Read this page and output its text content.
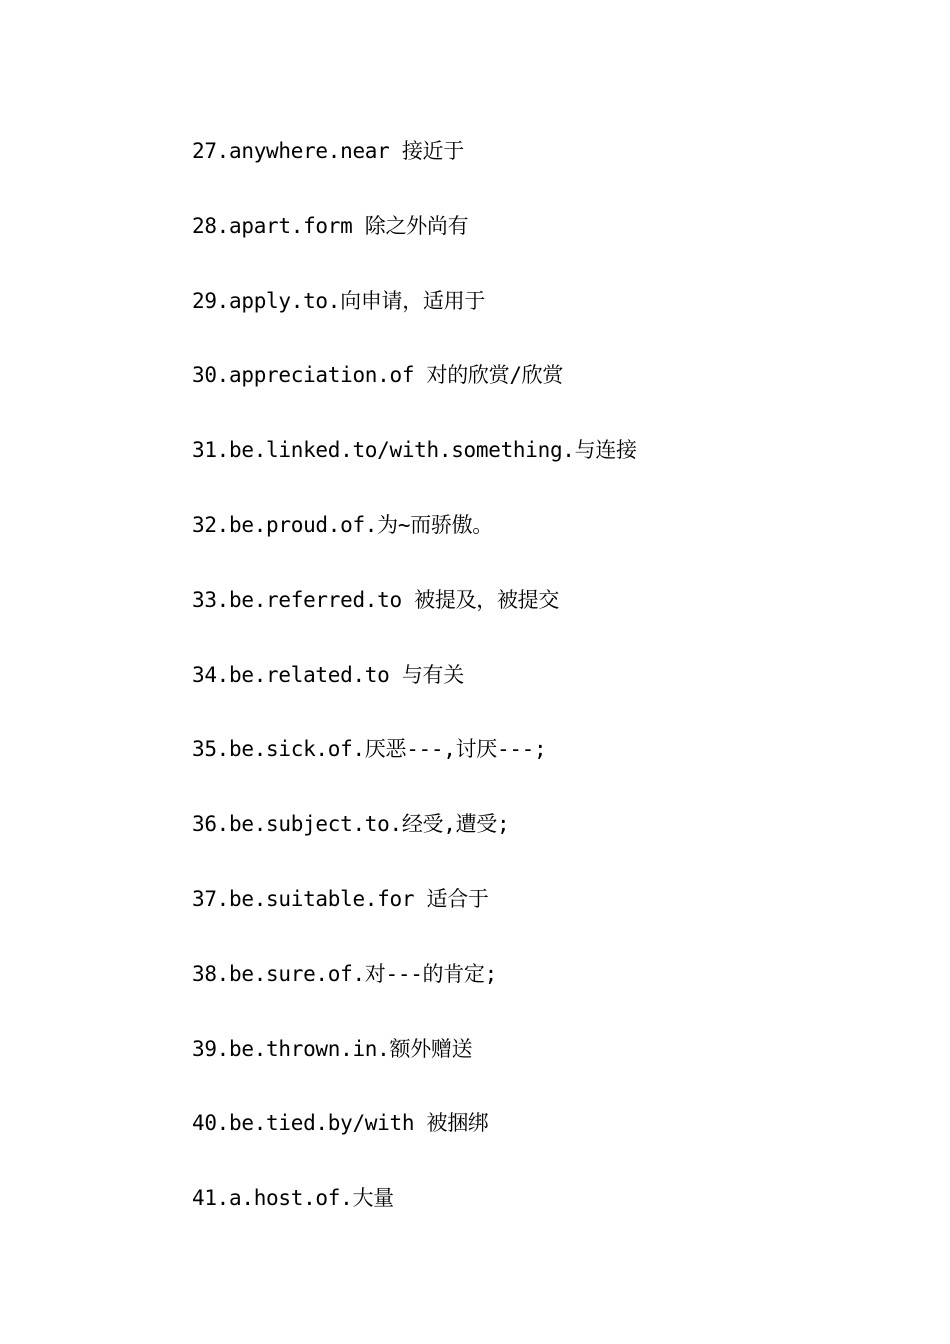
27.anywhere.near 接近于
28.apart.form 除之外尚有
29.apply.to.向申请，适用于
30.appreciation.of 对的欣赏/欣赏
31.be.linked.to/with.something.与连接
32.be.proud.of.为~而骄傲。
33.be.referred.to 被提及，被提交
34.be.related.to 与有关
35.be.sick.of.厌恶---,讨厌---;
36.be.subject.to.经受,遭受;
37.be.suitable.for 适合于
38.be.sure.of.对---的肯定;
39.be.thrown.in.额外赠送
40.be.tied.by/with 被捆绑
41.a.host.of.大量
